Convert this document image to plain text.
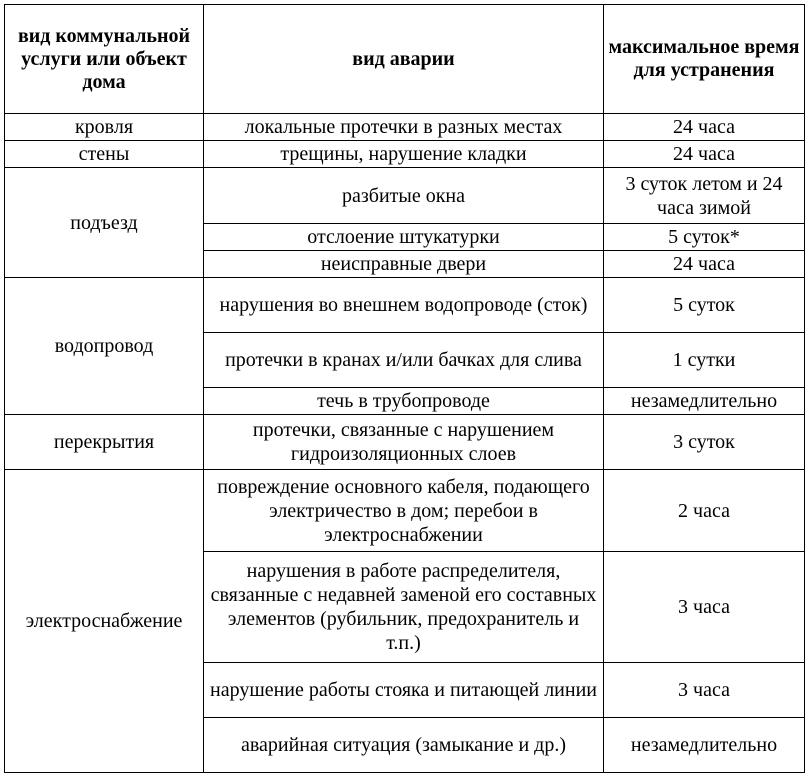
вид коммунальной услуги или объект дома	вид аварии	максимальное время для устранения

кровля	локальные протечки в разных местах	24 часа
стены	трещины, нарушение кладки	24 часа
подъезд	разбитые окна	3 суток летом и 24 часа зимой
	отслоение штукатурки	5 суток*
	неисправные двери	24 часа
водопровод	нарушения во внешнем водопроводе (сток)	5 суток
	протечки в кранах и/или бачках для слива	1 сутки
	течь в трубопроводе	незамедлительно
перекрытия	протечки, связанные с нарушением гидроизоляционных слоев	3 суток
электроснабжение	повреждение основного кабеля, подающего электричество в дом; перебои в электроснабжении	2 часа
	нарушения в работе распределителя, связанные с недавней заменой его составных элементов (рубильник, предохранитель и т.п.)	3 часа
	нарушение работы стояка и питающей линии	3 часа
	аварийная ситуация (замыкание и др.)	незамедлительно
